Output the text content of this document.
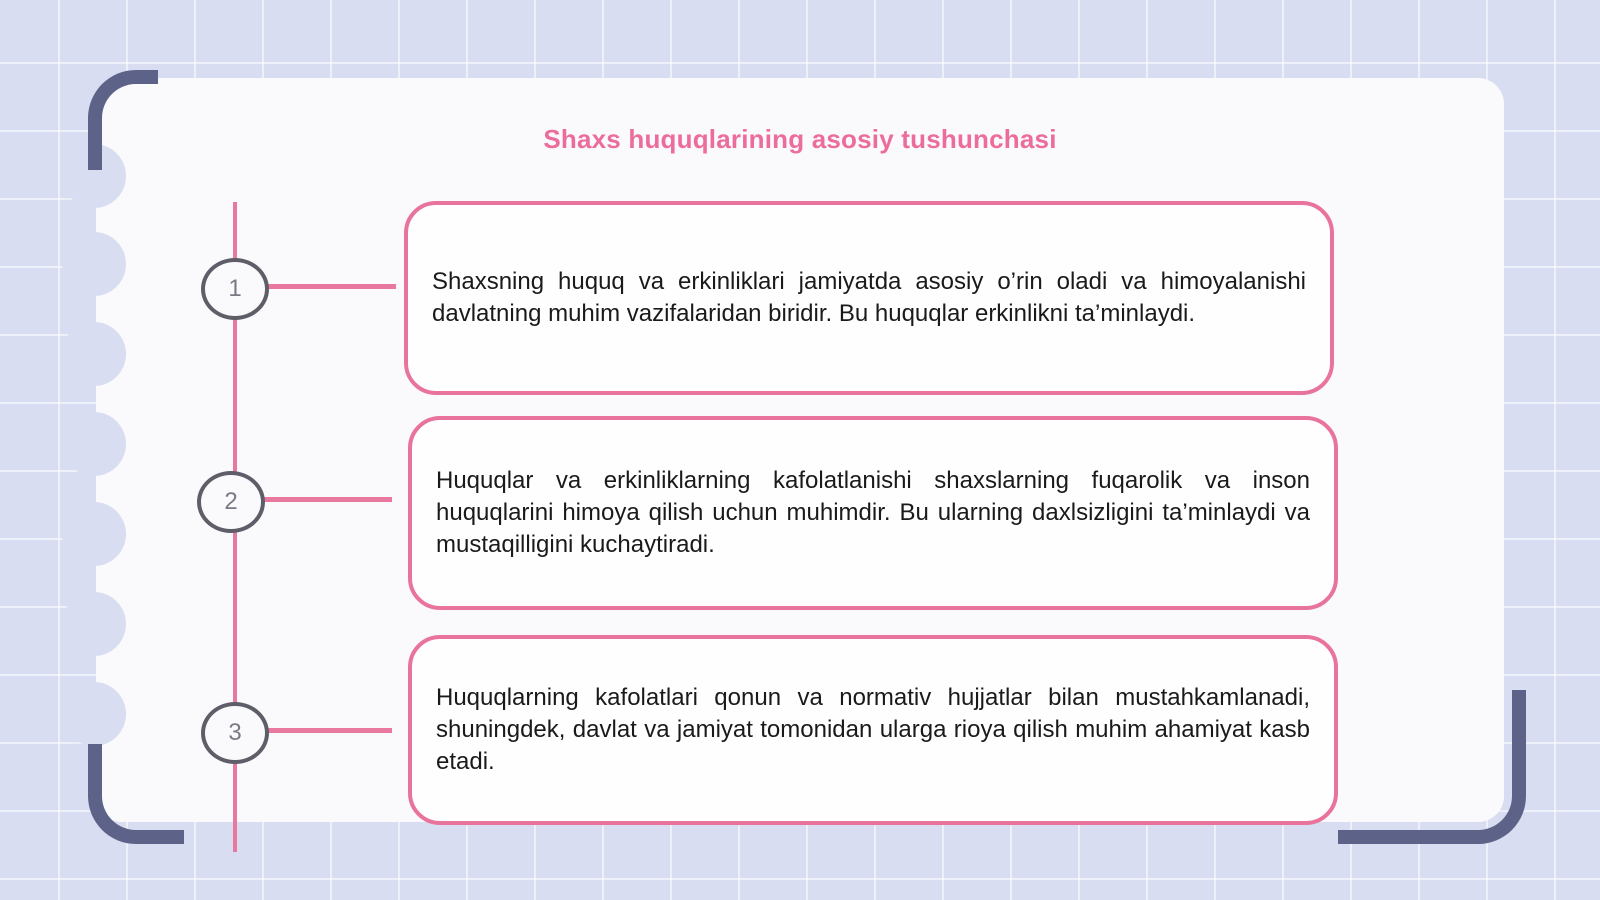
Shaxs huquqlarining asosiy tushunchasi
1
2
3
Shaxsning huquq va erkinliklari jamiyatda asosiy o’rin oladi va himoyalanishi davlatning muhim vazifalaridan biridir. Bu huquqlar erkinlikni ta’minlaydi.
Huquqlar va erkinliklarning kafolatlanishi shaxslarning fuqarolik va inson huquqlarini himoya qilish uchun muhimdir. Bu ularning daxlsizligini ta’minlaydi va mustaqilligini kuchaytiradi.
Huquqlarning kafolatlari qonun va normativ hujjatlar bilan mustahkamlanadi, shuningdek, davlat va jamiyat tomonidan ularga rioya qilish muhim ahamiyat kasb etadi.
